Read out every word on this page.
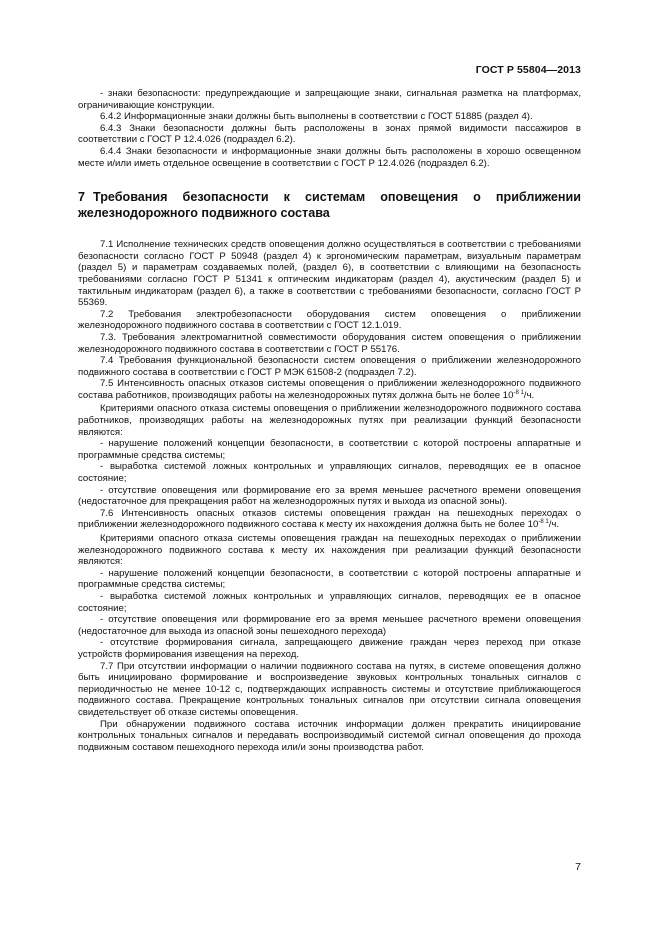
ГОСТ Р 55804—2013

- знаки безопасности: предупреждающие и запрещающие знаки, сигнальная разметка на платформах, ограничивающие конструкции.

6.4.2 Информационные знаки должны быть выполнены в соответствии с ГОСТ 51885 (раздел 4).

6.4.3 Знаки безопасности должны быть расположены в зонах прямой видимости пассажиров в соответствии с ГОСТ Р 12.4.026 (подраздел 6.2).

6.4.4 Знаки безопасности и информационные знаки должны быть расположены в хорошо освещенном месте и/или иметь отдельное освещение в соответствии с ГОСТ Р 12.4.026 (подраздел 6.2).

7 Требования безопасности к системам оповещения о приближении железнодорожного подвижного состава

7.1 Исполнение технических средств оповещения должно осуществляться в соответствии с требованиями безопасности согласно ГОСТ Р 50948 (раздел 4) к эргономическим параметрам, визуальным параметрам (раздел 5) и параметрам создаваемых полей, (раздел 6), в соответствии с влияющими на безопасность требованиями согласно ГОСТ Р 51341 к оптическим индикаторам (раздел 4), акустическим (раздел 5) и тактильным индикаторам (раздел 6), а также в соответствии с требованиями безопасности, согласно ГОСТ Р 55369.

7.2 Требования электробезопасности оборудования систем оповещения о приближении железнодорожного подвижного состава в соответствии с ГОСТ 12.1.019.

7.3. Требования электромагнитной совместимости оборудования систем оповещения о приближении железнодорожного подвижного состава в соответствии с ГОСТ Р 55176.

7.4 Требования функциональной безопасности систем оповещения о приближении железнодорожного подвижного состава в соответствии с ГОСТ Р МЭК 61508-2 (подраздел 7.2).

7.5 Интенсивность опасных отказов системы оповещения о приближении железнодорожного подвижного состава работников, производящих работы на железнодорожных путях должна быть не более $10^{-8 1}/ч$.

Критериями опасного отказа системы оповещения о приближении железнодорожного подвижного состава работников, производящих работы на железнодорожных путях при реализации функций безопасности являются:

- нарушение положений концепции безопасности, в соответствии с которой построены аппаратные и программные средства системы;

- выработка системой ложных контрольных и управляющих сигналов, переводящих ее в опасное состояние;

- отсутствие оповещения или формирование его за время меньшее расчетного времени оповещения (недостаточное для прекращения работ на железнодорожных путях и выхода из опасной зоны).

7.6 Интенсивность опасных отказов системы оповещения граждан на пешеходных переходах о приближении железнодорожного подвижного состава к месту их нахождения должна быть не более $10^{-8 1}/ч$.

Критериями опасного отказа системы оповещения граждан на пешеходных переходах о приближении железнодорожного подвижного состава к месту их нахождения при реализации функций безопасности являются:

- нарушение положений концепции безопасности, в соответствии с которой построены аппаратные и программные средства системы;

- выработка системой ложных контрольных и управляющих сигналов, переводящих ее в опасное состояние;

- отсутствие оповещения или формирование его за время меньшее расчетного времени оповещения (недостаточное для выхода из опасной зоны пешеходного перехода)

- отсутствие формирования сигнала, запрещающего движение граждан через переход при отказе устройств формирования извещения на переход.

7.7 При отсутствии информации о наличии подвижного состава на путях, в системе оповещения должно быть инициировано формирование и воспроизведение звуковых контрольных тональных сигналов с периодичностью не менее 10-12 с, подтверждающих исправность системы и отсутствие приближающегося подвижного состава. Прекращение контрольных тональных сигналов при отсутствии сигнала оповещения свидетельствует об отказе системы оповещения.

При обнаружении подвижного состава источник информации должен прекратить инициирование контрольных тональных сигналов и передавать воспроизводимый системой сигнал оповещения до прохода подвижным составом пешеходного перехода или/и зоны производства работ.

7
